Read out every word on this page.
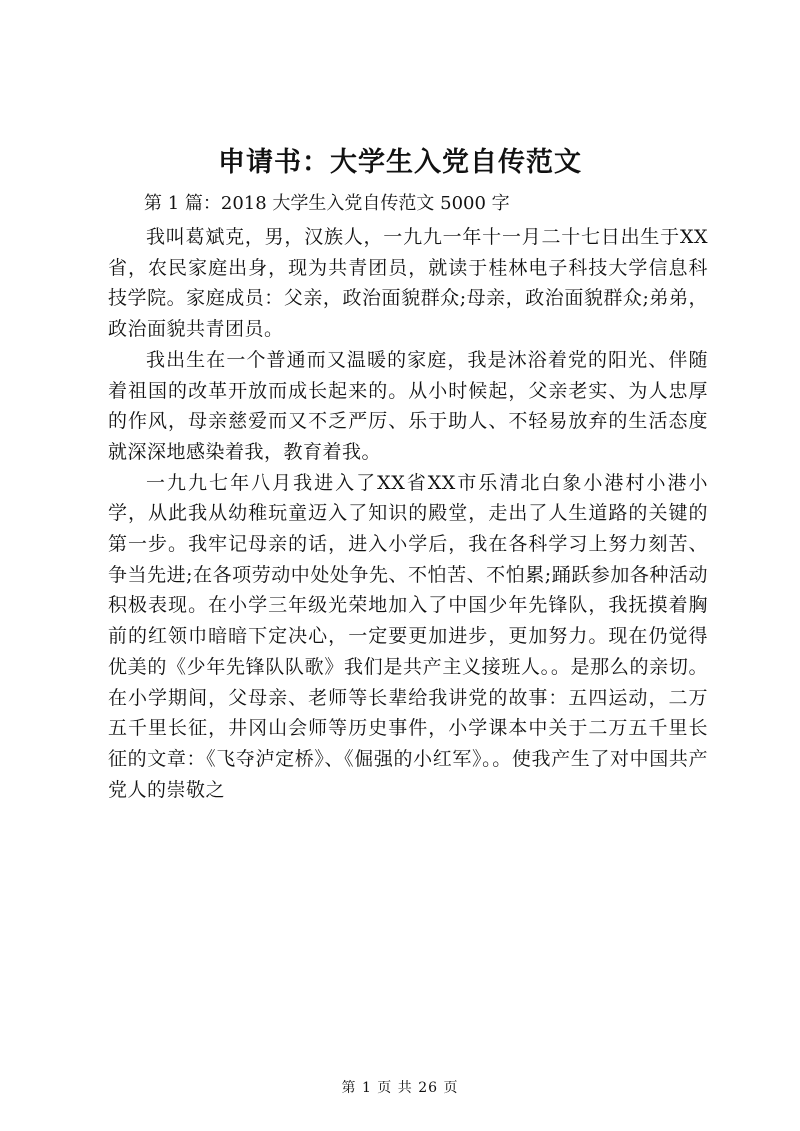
申请书：大学生入党自传范文

第 1 篇：2018 大学生入党自传范文 5000 字

我叫葛斌克，男，汉族人，一九九一年十一月二十七日出生于XX省，农民家庭出身，现为共青团员，就读于桂林电子科技大学信息科技学院。家庭成员：父亲，政治面貌群众;母亲，政治面貌群众;弟弟，政治面貌共青团员。

我出生在一个普通而又温暖的家庭，我是沐浴着党的阳光、伴随着祖国的改革开放而成长起来的。从小时候起，父亲老实、为人忠厚的作风，母亲慈爱而又不乏严厉、乐于助人、不轻易放弃的生活态度就深深地感染着我，教育着我。

一九九七年八月我进入了XX省XX市乐清北白象小港村小港小学，从此我从幼稚玩童迈入了知识的殿堂，走出了人生道路的关键的第一步。我牢记母亲的话，进入小学后，我在各科学习上努力刻苦、争当先进;在各项劳动中处处争先、不怕苦、不怕累;踊跃参加各种活动积极表现。在小学三年级光荣地加入了中国少年先锋队，我抚摸着胸前的红领巾暗暗下定决心，一定要更加进步，更加努力。现在仍觉得优美的《少年先锋队队歌》我们是共产主义接班人。。是那么的亲切。在小学期间，父母亲、老师等长辈给我讲党的故事：五四运动，二万五千里长征，井冈山会师等历史事件，小学课本中关于二万五千里长征的文章：《飞夺泸定桥》、《倔强的小红军》。。使我产生了对中国共产党人的崇敬之

第 1 页 共 26 页
